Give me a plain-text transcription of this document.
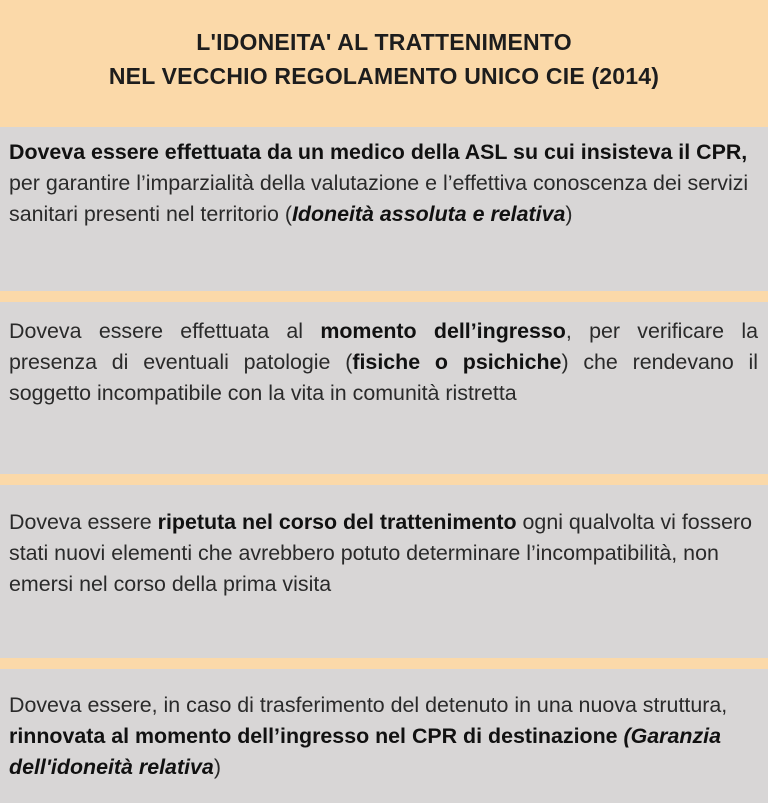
L'IDONEITA' AL TRATTENIMENTO
NEL VECCHIO REGOLAMENTO UNICO CIE (2014)

Doveva essere effettuata da un medico della ASL su cui insisteva il CPR, per garantire l’imparzialità della valutazione e l’effettiva conoscenza dei servizi sanitari presenti nel territorio (Idoneità assoluta e relativa)

Doveva essere effettuata al momento dell’ingresso, per verificare la presenza di eventuali patologie (fisiche o psichiche) che rendevano il soggetto incompatibile con la vita in comunità ristretta

Doveva essere ripetuta nel corso del trattenimento ogni qualvolta vi fossero stati nuovi elementi che avrebbero potuto determinare l’incompatibilità, non emersi nel corso della prima visita

Doveva essere, in caso di trasferimento del detenuto in una nuova struttura, rinnovata al momento dell’ingresso nel CPR di destinazione (Garanzia dell'idoneità relativa)
